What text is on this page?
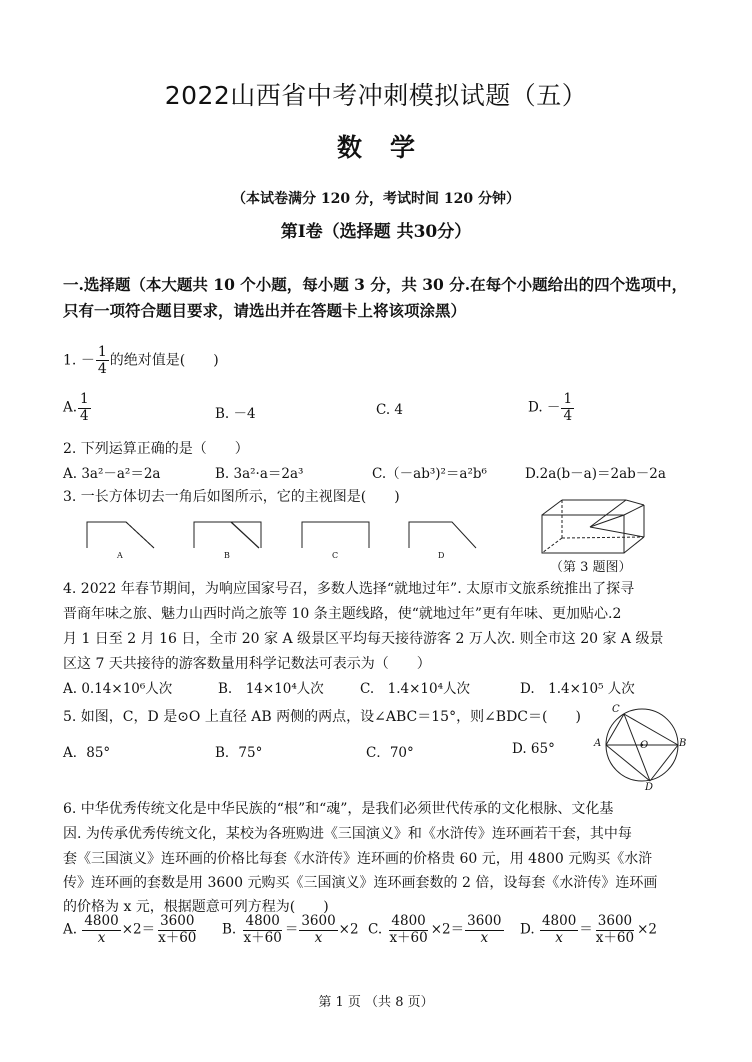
2022山西省中考冲刺模拟试题（五）
数学
（本试卷满分 120 分，考试时间 120 分钟）
第Ⅰ卷（选择题 共30分）
一.选择题（本大题共 10 个小题，每小题 3 分，共 30 分.在每个小题给出的四个选项中，只有一项符合题目要求，请选出并在答题卡上将该项涂黑）
1. － $\frac{1}{4}$ 的绝对值是(　　)
A. $\frac{1}{4}$	B. －4	C. 4	D. － $\frac{1}{4}$
2. 下列运算正确的是（　　）
A. 3a²－a²＝2a	B. 3a²·a＝2a³	C.（－ab³)²＝a²b⁶	D.2a(b－a)＝2ab－2a
3. 一长方体切去一角后如图所示，它的主视图是(　　)
A	B	C	D
（第 3 题图）
4. 2022 年春节期间，为响应国家号召，多数人选择“就地过年”. 太原市文旅系统推出了探寻
晋商年味之旅、魅力山西时尚之旅等 10 条主题线路，使“就地过年”更有年味、更加贴心.2
月 1 日至 2 月 16 日，全市 20 家 A 级景区平均每天接待游客 2 万人次. 则全市这 20 家 A 级景
区这 7 天共接待的游客数量用科学记数法可表示为（　　）
A. 0.14×10⁶人次	B.　14×10⁴人次	C.　1.4×10⁴人次	D.　1.4×10⁵ 人次
5. 如图，C，D 是⊙O 上直径 AB 两侧的两点，设∠ABC＝15°，则∠BDC＝(　　)
A．85°	B．75°	C．70°	D. 65°
C
A	O	B
D
6. 中华优秀传统文化是中华民族的“根”和“魂”，是我们必须世代传承的文化根脉、文化基
因. 为传承优秀传统文化，某校为各班购进《三国演义》和《水浒传》连环画若干套，其中每
套《三国演义》连环画的价格比每套《水浒传》连环画的价格贵 60 元，用 4800 元购买《水浒
传》连环画的套数是用 3600 元购买《三国演义》连环画套数的 2 倍，设每套《水浒传》连环画
的价格为 x 元，根据题意可列方程为(　　)
A. $\frac{4800}{x} \times 2= \frac{3600}{x+60} B$. $\frac{4800}{x+60} = \frac{3600}{x} \times 2$ C. $\frac{4800}{x+60} \times 2= \frac{3600}{x} D$. $\frac{4800}{x} = \frac{3600}{x+60} \times 2$
第 1 页 （共 8 页）
